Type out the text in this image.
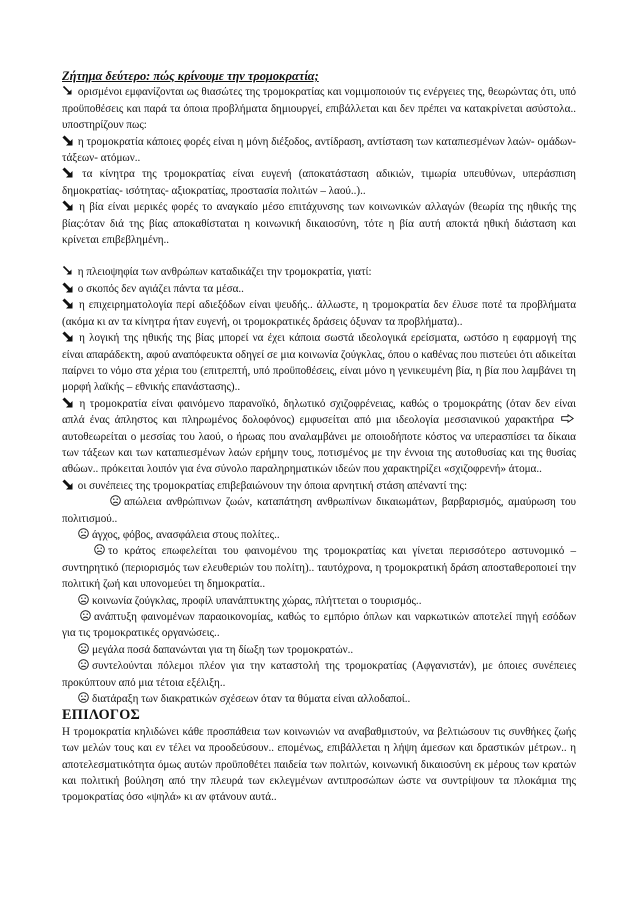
Ζήτημα δεύτερο: πώς κρίνουμε την τρομοκρατία;

ορισμένοι εμφανίζονται ως θιασώτες της τρομοκρατίας και νομιμοποιούν τις ενέργειες της, θεωρώντας ότι, υπό προϋποθέσεις και παρά τα όποια προβλήματα δημιουργεί, επιβάλλεται και δεν πρέπει να κατακρίνεται ασύστολα.. υποστηρίζουν πως:

η τρομοκρατία κάποιες φορές είναι η μόνη διέξοδος, αντίδραση, αντίσταση των καταπιεσμένων λαών- ομάδων- τάξεων- ατόμων..

τα κίνητρα της τρομοκρατίας είναι ευγενή (αποκατάσταση αδικιών, τιμωρία υπευθύνων, υπεράσπιση δημοκρατίας- ισότητας- αξιοκρατίας, προστασία πολιτών – λαού..)..

η βία είναι μερικές φορές το αναγκαίο μέσο επιτάχυνσης των κοινωνικών αλλαγών (θεωρία της ηθικής της βίας:όταν διά της βίας αποκαθίσταται η κοινωνική δικαιοσύνη, τότε η βία αυτή αποκτά ηθική διάσταση και κρίνεται επιβεβλημένη..

η πλειοψηφία των ανθρώπων καταδικάζει την τρομοκρατία, γιατί:

ο σκοπός δεν αγιάζει πάντα τα μέσα..

η επιχειρηματολογία περί αδιεξόδων είναι ψευδής.. άλλωστε, η τρομοκρατία δεν έλυσε ποτέ τα προβλήματα (ακόμα κι αν τα κίνητρα ήταν ευγενή, οι τρομοκρατικές δράσεις όξυναν τα προβλήματα)..

η λογική της ηθικής της βίας μπορεί να έχει κάποια σωστά ιδεολογικά ερείσματα, ωστόσο η εφαρμογή της είναι απαράδεκτη, αφού αναπόφευκτα οδηγεί σε μια κοινωνία ζούγκλας, όπου ο καθένας που πιστεύει ότι αδικείται παίρνει το νόμο στα χέρια του (επιτρεπτή, υπό προϋποθέσεις, είναι μόνο η γενικευμένη βία, η βία που λαμβάνει τη μορφή λαϊκής – εθνικής επανάστασης)..

η τρομοκρατία είναι φαινόμενο παρανοϊκό, δηλωτικό σχιζοφρένειας, καθώς ο τρομοκράτης (όταν δεν είναι απλά ένας άπληστος και πληρωμένος δολοφόνος) εμφυσείται από μια ιδεολογία μεσσιανικού χαρακτήρα  αυτοθεωρείται ο μεσσίας του λαού, ο ήρωας που αναλαμβάνει με οποιοδήποτε κόστος να υπερασπίσει τα δίκαια των τάξεων και των καταπιεσμένων λαών ερήμην τους, ποτισμένος με την έννοια της αυτοθυσίας και της θυσίας αθώων.. πρόκειται λοιπόν για ένα σύνολο παραληρηματικών ιδεών που χαρακτηρίζει «σχιζοφρενή» άτομα..

οι συνέπειες της τρομοκρατίας επιβεβαιώνουν την όποια αρνητική στάση απέναντί της:

απώλεια ανθρώπινων ζωών, καταπάτηση ανθρωπίνων δικαιωμάτων, βαρβαρισμός, αμαύρωση του πολιτισμού..

άγχος, φόβος, ανασφάλεια στους πολίτες..

το κράτος επωφελείται του φαινομένου της τρομοκρατίας και γίνεται περισσότερο αστυνομικό – συντηρητικό (περιορισμός των ελευθεριών του πολίτη).. ταυτόχρονα, η τρομοκρατική δράση αποσταθεροποιεί την πολιτική ζωή και υπονομεύει τη δημοκρατία..

κοινωνία ζούγκλας, προφίλ υπανάπτυκτης χώρας, πλήττεται ο τουρισμός..

ανάπτυξη φαινομένων παραοικονομίας, καθώς το εμπόριο όπλων και ναρκωτικών αποτελεί πηγή εσόδων για τις τρομοκρατικές οργανώσεις..

μεγάλα ποσά δαπανώνται για τη δίωξη των τρομοκρατών..

συντελούνται πόλεμοι πλέον για την καταστολή της τρομοκρατίας (Αφγανιστάν), με όποιες συνέπειες προκύπτουν από μια τέτοια εξέλιξη..

διατάραξη των διακρατικών σχέσεων όταν τα θύματα είναι αλλοδαποί..

ΕΠΙΛΟΓΟΣ

Η τρομοκρατία κηλιδώνει κάθε προσπάθεια των κοινωνιών να αναβαθμιστούν, να βελτιώσουν τις συνθήκες ζωής των μελών τους και εν τέλει να προοδεύσουν.. επομένως, επιβάλλεται η λήψη άμεσων και δραστικών μέτρων.. η αποτελεσματικότητα όμως αυτών προϋποθέτει παιδεία των πολιτών, κοινωνική δικαιοσύνη εκ μέρους των κρατών και πολιτική βούληση από την πλευρά των εκλεγμένων αντιπροσώπων ώστε να συντρίψουν τα πλοκάμια της τρομοκρατίας όσο «ψηλά» κι αν φτάνουν αυτά..
